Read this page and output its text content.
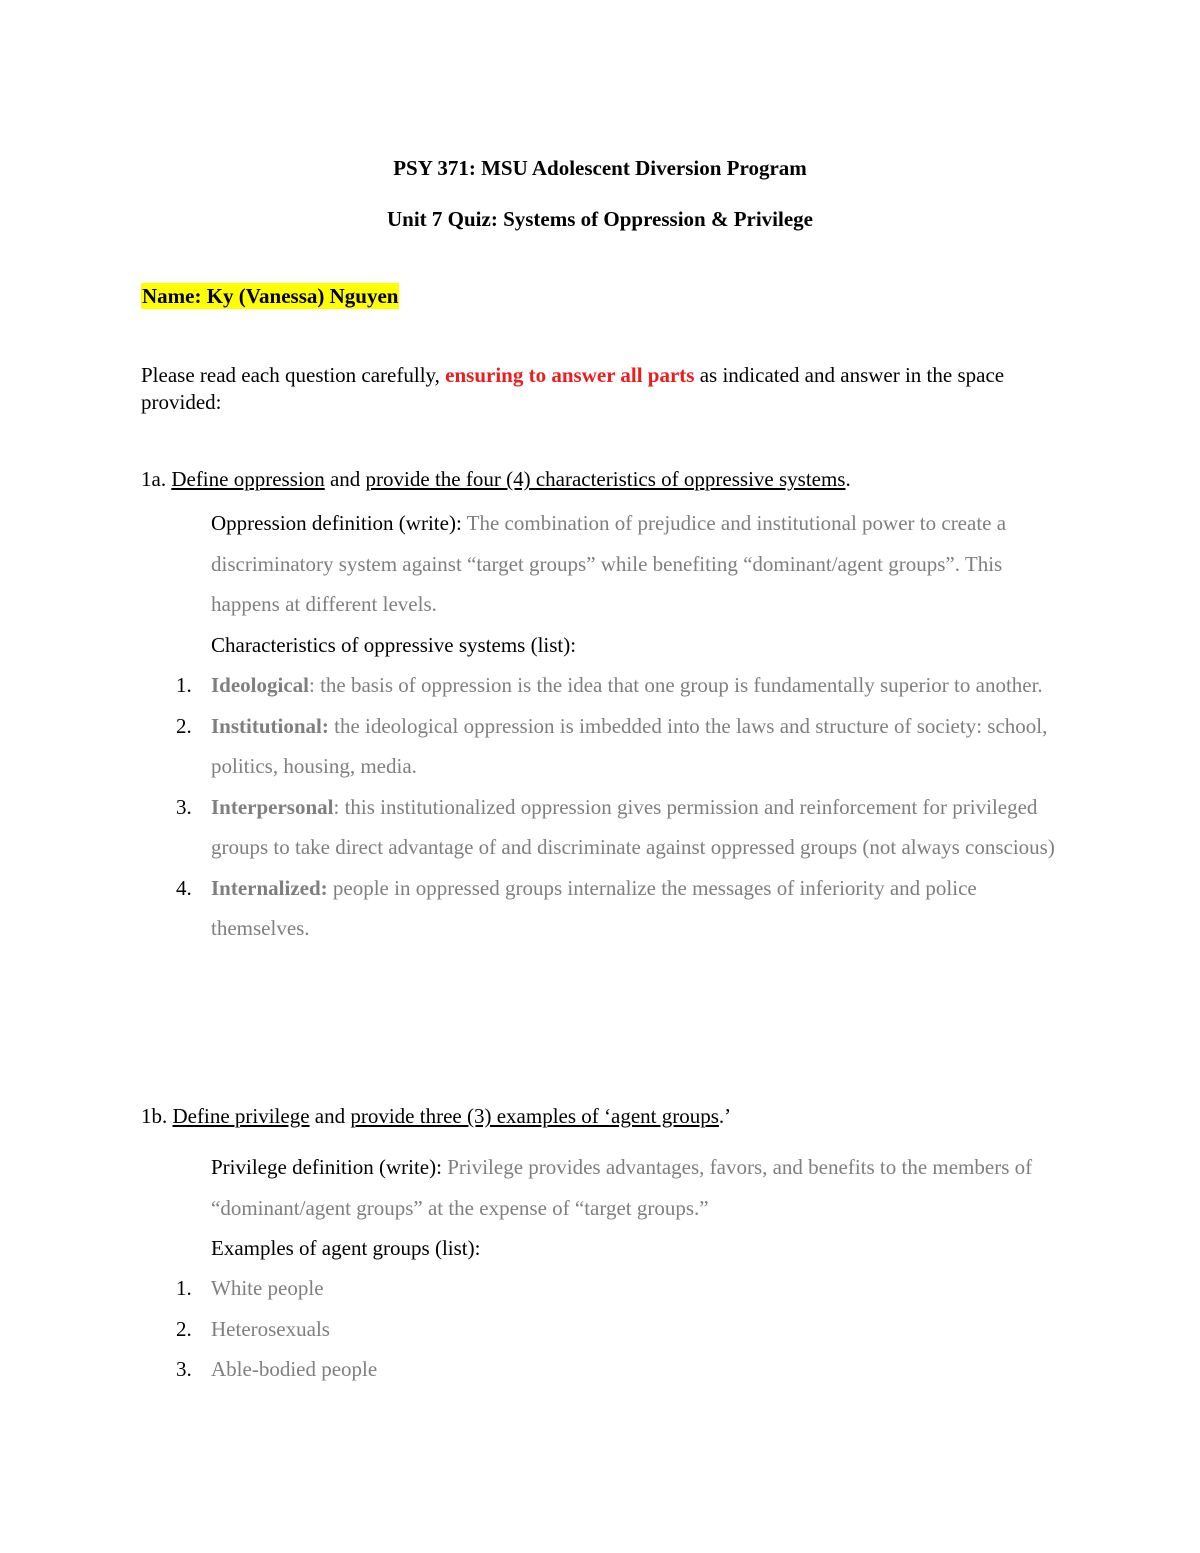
PSY 371: MSU Adolescent Diversion Program
Unit 7 Quiz: Systems of Oppression & Privilege
Name: Ky (Vanessa) Nguyen
Please read each question carefully, ensuring to answer all parts as indicated and answer in the space provided:
1a. Define oppression and provide the four (4) characteristics of oppressive systems.
Oppression definition (write): The combination of prejudice and institutional power to create a discriminatory system against “target groups” while benefiting “dominant/agent groups”. This happens at different levels.
Characteristics of oppressive systems (list):
1. Ideological: the basis of oppression is the idea that one group is fundamentally superior to another.
2. Institutional: the ideological oppression is imbedded into the laws and structure of society: school, politics, housing, media.
3. Interpersonal: this institutionalized oppression gives permission and reinforcement for privileged groups to take direct advantage of and discriminate against oppressed groups (not always conscious)
4. Internalized: people in oppressed groups internalize the messages of inferiority and police themselves.
1b. Define privilege and provide three (3) examples of ‘agent groups.’
Privilege definition (write): Privilege provides advantages, favors, and benefits to the members of “dominant/agent groups” at the expense of “target groups.”
Examples of agent groups (list):
1. White people
2. Heterosexuals
3. Able-bodied people
